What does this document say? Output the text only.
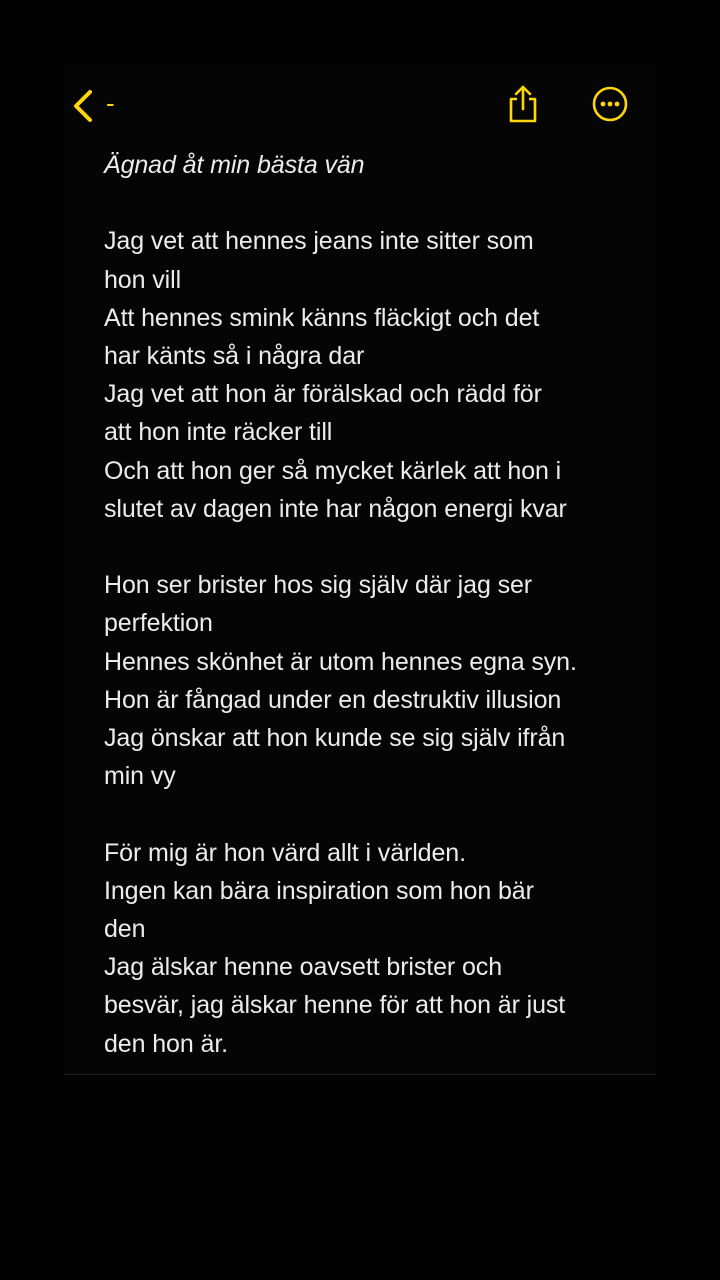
-

Ägnad åt min bästa vän

Jag vet att hennes jeans inte sitter som
hon vill
Att hennes smink känns fläckigt och det
har känts så i några dar
Jag vet att hon är förälskad och rädd för
att hon inte räcker till
Och att hon ger så mycket kärlek att hon i
slutet av dagen inte har någon energi kvar
Hon ser brister hos sig själv där jag ser
perfektion
Hennes skönhet är utom hennes egna syn.
Hon är fångad under en destruktiv illusion
Jag önskar att hon kunde se sig själv ifrån
min vy
För mig är hon värd allt i världen.
Ingen kan bära inspiration som hon bär
den
Jag älskar henne oavsett brister och
besvär, jag älskar henne för att hon är just
den hon är.
